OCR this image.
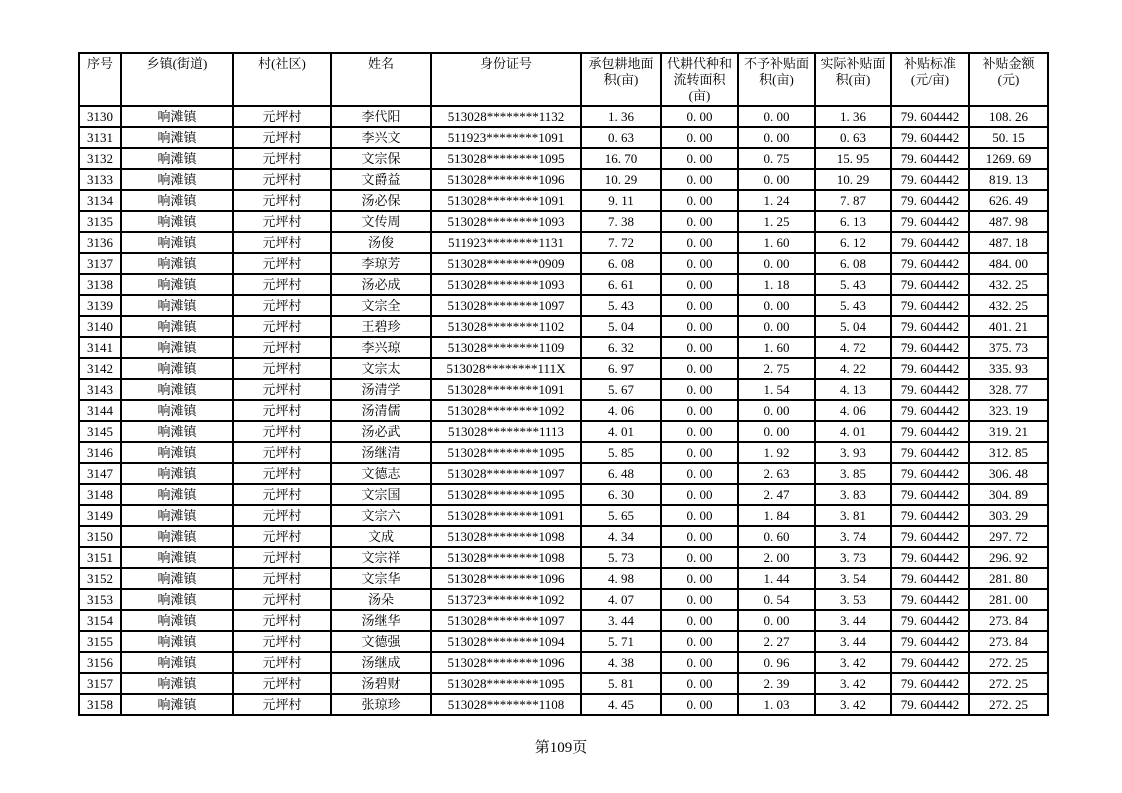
序号	乡镇(街道)	村(社区)	姓名	身份证号	承包耕地面积(亩)	代耕代种和流转面积(亩)	不予补贴面积(亩)	实际补贴面积(亩)	补贴标准(元/亩)	补贴金额(元)
3130	响滩镇	元坪村	李代阳	513028********1132	1. 36	0. 00	0. 00	1. 36	79. 604442	108. 26
3131	响滩镇	元坪村	李兴文	511923********1091	0. 63	0. 00	0. 00	0. 63	79. 604442	50. 15
3132	响滩镇	元坪村	文宗保	513028********1095	16. 70	0. 00	0. 75	15. 95	79. 604442	1269. 69
3133	响滩镇	元坪村	文爵益	513028********1096	10. 29	0. 00	0. 00	10. 29	79. 604442	819. 13
3134	响滩镇	元坪村	汤必保	513028********1091	9. 11	0. 00	1. 24	7. 87	79. 604442	626. 49
3135	响滩镇	元坪村	文传周	513028********1093	7. 38	0. 00	1. 25	6. 13	79. 604442	487. 98
3136	响滩镇	元坪村	汤俊	511923********1131	7. 72	0. 00	1. 60	6. 12	79. 604442	487. 18
3137	响滩镇	元坪村	李琼芳	513028********0909	6. 08	0. 00	0. 00	6. 08	79. 604442	484. 00
3138	响滩镇	元坪村	汤必成	513028********1093	6. 61	0. 00	1. 18	5. 43	79. 604442	432. 25
3139	响滩镇	元坪村	文宗全	513028********1097	5. 43	0. 00	0. 00	5. 43	79. 604442	432. 25
3140	响滩镇	元坪村	王碧珍	513028********1102	5. 04	0. 00	0. 00	5. 04	79. 604442	401. 21
3141	响滩镇	元坪村	李兴琼	513028********1109	6. 32	0. 00	1. 60	4. 72	79. 604442	375. 73
3142	响滩镇	元坪村	文宗太	513028********111X	6. 97	0. 00	2. 75	4. 22	79. 604442	335. 93
3143	响滩镇	元坪村	汤清学	513028********1091	5. 67	0. 00	1. 54	4. 13	79. 604442	328. 77
3144	响滩镇	元坪村	汤清儒	513028********1092	4. 06	0. 00	0. 00	4. 06	79. 604442	323. 19
3145	响滩镇	元坪村	汤必武	513028********1113	4. 01	0. 00	0. 00	4. 01	79. 604442	319. 21
3146	响滩镇	元坪村	汤继清	513028********1095	5. 85	0. 00	1. 92	3. 93	79. 604442	312. 85
3147	响滩镇	元坪村	文德志	513028********1097	6. 48	0. 00	2. 63	3. 85	79. 604442	306. 48
3148	响滩镇	元坪村	文宗国	513028********1095	6. 30	0. 00	2. 47	3. 83	79. 604442	304. 89
3149	响滩镇	元坪村	文宗六	513028********1091	5. 65	0. 00	1. 84	3. 81	79. 604442	303. 29
3150	响滩镇	元坪村	文成	513028********1098	4. 34	0. 00	0. 60	3. 74	79. 604442	297. 72
3151	响滩镇	元坪村	文宗祥	513028********1098	5. 73	0. 00	2. 00	3. 73	79. 604442	296. 92
3152	响滩镇	元坪村	文宗华	513028********1096	4. 98	0. 00	1. 44	3. 54	79. 604442	281. 80
3153	响滩镇	元坪村	汤朵	513723********1092	4. 07	0. 00	0. 54	3. 53	79. 604442	281. 00
3154	响滩镇	元坪村	汤继华	513028********1097	3. 44	0. 00	0. 00	3. 44	79. 604442	273. 84
3155	响滩镇	元坪村	文德强	513028********1094	5. 71	0. 00	2. 27	3. 44	79. 604442	273. 84
3156	响滩镇	元坪村	汤继成	513028********1096	4. 38	0. 00	0. 96	3. 42	79. 604442	272. 25
3157	响滩镇	元坪村	汤碧财	513028********1095	5. 81	0. 00	2. 39	3. 42	79. 604442	272. 25
3158	响滩镇	元坪村	张琼珍	513028********1108	4. 45	0. 00	1. 03	3. 42	79. 604442	272. 25
第109页
